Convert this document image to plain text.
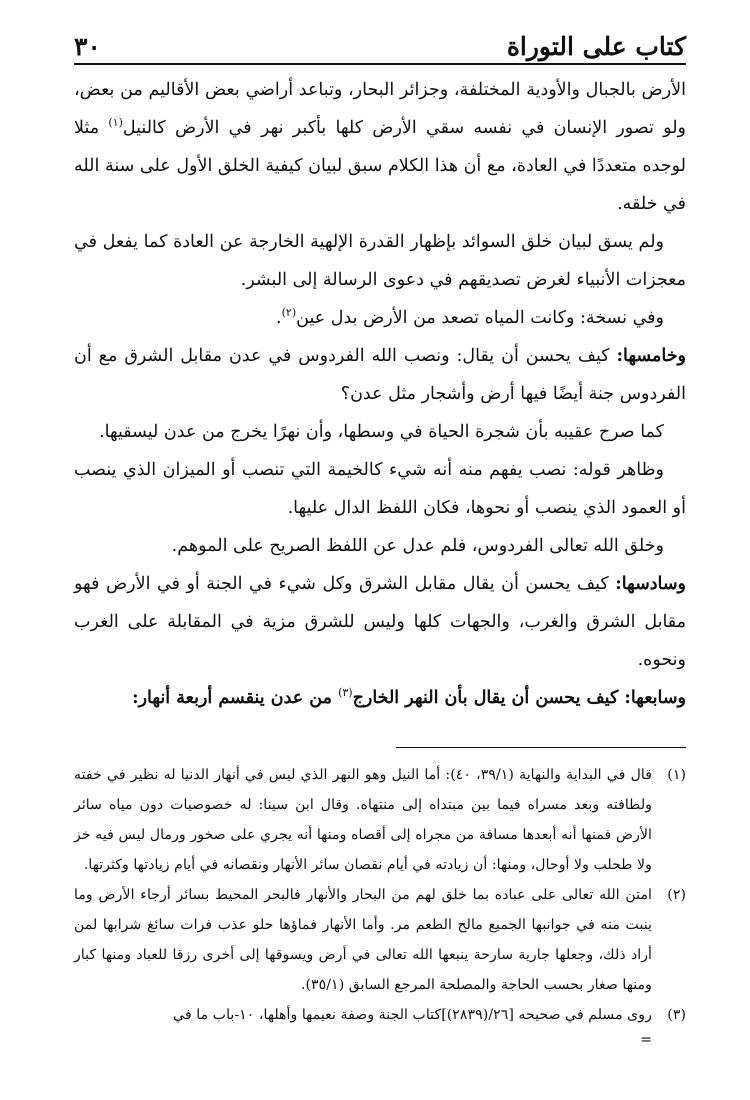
كتاب على التوراة
٣٠

الأرض بالجبال والأودية المختلفة، وجزائر البحار، وتباعد أراضي بعض الأقاليم من بعض، ولو تصور الإنسان في نفسه سقي الأرض كلها بأكبر نهر في الأرض كالنيل$^{(١)}$ مثلا لوجده متعددًا في العادة، مع أن هذا الكلام سبق لبيان كيفية الخلق الأول على سنة الله في خلقه.

ولم يسق لبيان خلق السوائد بإظهار القدرة الإلهية الخارجة عن العادة كما يفعل في معجزات الأنبياء لغرض تصديقهم في دعوى الرسالة إلى البشر.

وفي نسخة: وكانت المياه تصعد من الأرض بدل عين$^{(٢)}$.

وخامسها: كيف يحسن أن يقال: ونصب الله الفردوس في عدن مقابل الشرق مع أن الفردوس جنة أيضًا فيها أرض وأشجار مثل عدن؟

كما صرح عقيبه بأن شجرة الحياة في وسطها، وأن نهرًا يخرج من عدن ليسقيها.

وظاهر قوله: نصب يفهم منه أنه شيء كالخيمة التي تنصب أو الميزان الذي ينصب أو العمود الذي ينصب أو نحوها، فكان اللفظ الدال عليها.

وخلق الله تعالى الفردوس، فلم عدل عن اللفظ الصريح على الموهم.

وسادسها: كيف يحسن أن يقال مقابل الشرق وكل شيء في الجنة أو في الأرض فهو مقابل الشرق والغرب، والجهات كلها وليس للشرق مزية في المقابلة على الغرب ونحوه.

وسابعها: كيف يحسن أن يقال بأن النهر الخارج$^{(٣)}$ من عدن ينقسم أربعة أنهار:

(١)
قال في البداية والنهاية (٣٩/١، ٤٠): أما النيل وهو النهر الذي ليس في أنهار الدنيا له نظير في خفته ولطافته وبعد مسراه فيما بين مبتداه إلى منتهاه. وقال ابن سينا: له خصوصيات دون مياه سائر الأرض فمنها أنه أبعدها مسافة من مجراه إلى أقصاه ومنها أنه يجري على صخور ورمال ليس فيه خز ولا طحلب ولا أوحال، ومنها: أن زيادته في أيام نقصان سائر الأنهار ونقصانه في أيام زيادتها وكثرتها.
(٢)
امتن الله تعالى على عباده بما خلق لهم من البحار والأنهار فالبحر المحيط بسائر أرجاء الأرض وما ينبت منه في جوانبها الجميع مالح الطعم مر. وأما الأنهار فماؤها حلو عذب فرات سائغ شرابها لمن أراد ذلك، وجعلها جارية سارحة ينبعها الله تعالى في أرض ويسوقها إلى أخرى رزقا للعباد ومنها كبار ومنها صغار بحسب الحاجة والمصلحة المرجع السابق (٣٥/١).
(٣)
روى مسلم في صحيحه [٢٦/(٢٨٣٩)]كتاب الجنة وصفة نعيمها وأهلها، ١٠-باب ما في
=
